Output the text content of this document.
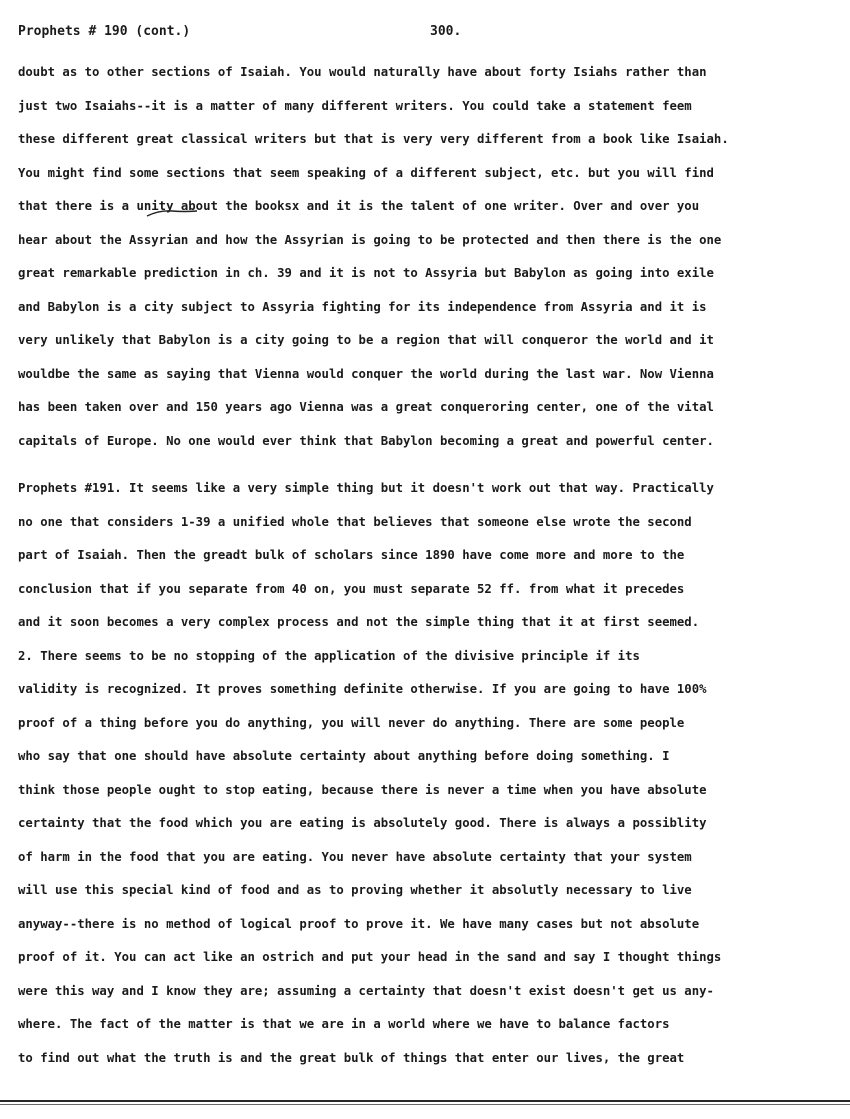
Prophets # 190 (cont.)	300.
doubt as to other sections of Isaiah. You would naturally have about forty Isiahs rather than
just two Isaiahs--it is a matter of many different writers. You could take a statement feem
these different great classical writers but that is very very different from a book like Isaiah.
You might find some sections that seem speaking of a different subject, etc. but you will find
that there is a unity about the booksx and it is the talent of one writer. Over and over you
hear about the Assyrian and how the Assyrian is going to be protected and then there is the one
great remarkable prediction in ch. 39 and it is not to Assyria but Babylon as going into exile
and Babylon is a city subject to Assyria fighting for its independence from Assyria and it is
very unlikely that Babylon is a city going to be a region that will conqueror the world and it
wouldbe the same as saying that Vienna would conquer the world during the last war. Now Vienna
has been taken over and 150 years ago Vienna was a great conqueroring center, one of the vital
capitals of Europe. No one would ever think that Babylon becoming a great and powerful center.
Prophets #191. It seems like a very simple thing but it doesn't work out that way. Practically
no one that considers 1-39 a unified whole that believes that someone else wrote the second
part of Isaiah. Then the greadt bulk of scholars since 1890 have come more and more to the
conclusion that if you separate from 40 on, you must separate 52 ff. from what it precedes
and it soon becomes a very complex process and not the simple thing that it at first seemed.
2. There seems to be no stopping of the application of the divisive principle if its
validity is recognized. It proves something definite otherwise. If you are going to have 100%
proof of a thing before you do anything, you will never do anything. There are some people
who say that one should have absolute certainty about anything before doing something. I
think those people ought to stop eating, because there is never a time when you have absolute
certainty that the food which you are eating is absolutely good. There is always a possiblity
of harm in the food that you are eating. You never have absolute certainty that your system
will use this special kind of food and as to proving whether it absolutly necessary to live
anyway--there is no method of logical proof to prove it. We have many cases but not absolute
proof of it. You can act like an ostrich and put your head in the sand and say I thought things
were this way and I know they are; assuming a certainty that doesn't exist doesn't get us any-
where. The fact of the matter is that we are in a world where we have to balance factors
to find out what the truth is and the great bulk of things that enter our lives, the great
